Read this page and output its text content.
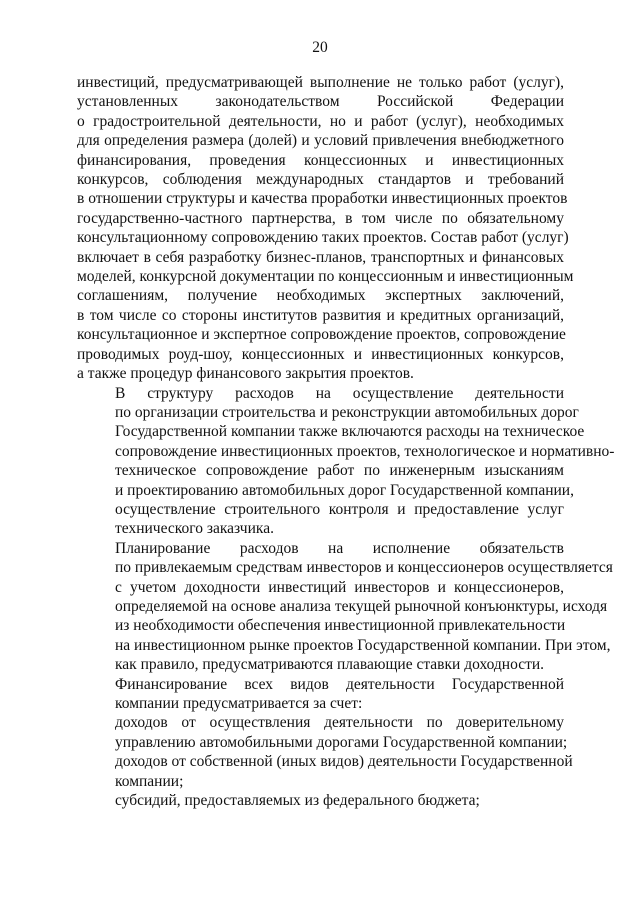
20
инвестиций, предусматривающей выполнение не только работ (услуг),
установленных законодательством Российской Федерации
о градостроительной деятельности, но и работ (услуг), необходимых
для определения размера (долей) и условий привлечения внебюджетного
финансирования, проведения концессионных и инвестиционных
конкурсов, соблюдения международных стандартов и требований
в отношении структуры и качества проработки инвестиционных проектов
государственно-частного партнерства, в том числе по обязательному
консультационному сопровождению таких проектов. Состав работ (услуг)
включает в себя разработку бизнес-планов, транспортных и финансовых
моделей, конкурсной документации по концессионным и инвестиционным
соглашениям, получение необходимых экспертных заключений,
в том числе со стороны институтов развития и кредитных организаций,
консультационное и экспертное сопровождение проектов, сопровождение
проводимых роуд-шоу, концессионных и инвестиционных конкурсов,
а также процедур финансового закрытия проектов.
В структуру расходов на осуществление деятельности
по организации строительства и реконструкции автомобильных дорог
Государственной компании также включаются расходы на техническое
сопровождение инвестиционных проектов, технологическое и нормативно-
техническое сопровождение работ по инженерным изысканиям
и проектированию автомобильных дорог Государственной компании,
осуществление строительного контроля и предоставление услуг
технического заказчика.
Планирование расходов на исполнение обязательств
по привлекаемым средствам инвесторов и концессионеров осуществляется
с учетом доходности инвестиций инвесторов и концессионеров,
определяемой на основе анализа текущей рыночной конъюнктуры, исходя
из необходимости обеспечения инвестиционной привлекательности
на инвестиционном рынке проектов Государственной компании. При этом,
как правило, предусматриваются плавающие ставки доходности.
Финансирование всех видов деятельности Государственной
компании предусматривается за счет:
доходов от осуществления деятельности по доверительному
управлению автомобильными дорогами Государственной компании;
доходов от собственной (иных видов) деятельности Государственной
компании;
субсидий, предоставляемых из федерального бюджета;
